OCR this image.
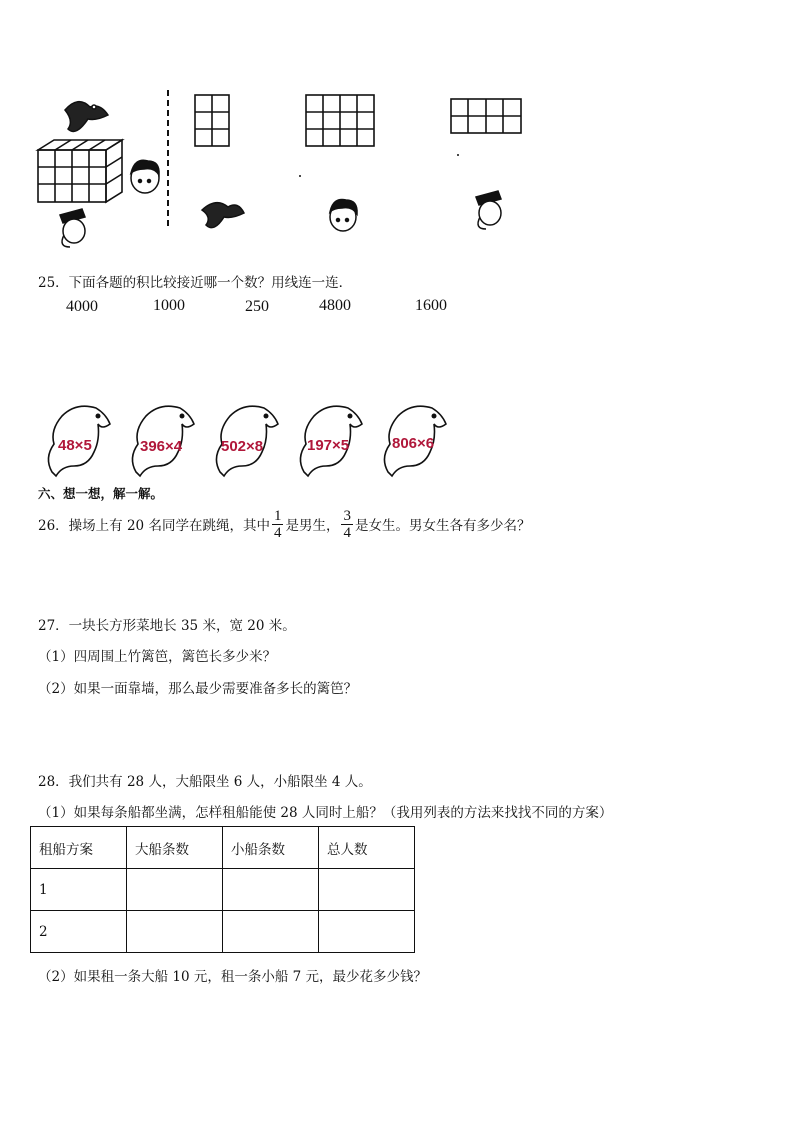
25．下面各题的积比较接近哪一个数？用线连一连．
4000	1000	250	4800	1600
48×5	396×4	502×8	197×5	806×6
六、想一想，解一解。
26．操场上有 20 名同学在跳绳，其中 $\frac{1}{4}$ 是男生， $\frac{3}{4}$ 是女生。男女生各有多少名？
27．一块长方形菜地长 35 米，宽 20 米。
（1）四周围上竹篱笆，篱笆长多少米？
（2）如果一面靠墙，那么最少需要准备多长的篱笆？
28．我们共有 28 人，大船限坐 6 人，小船限坐 4 人。
（1）如果每条船都坐满，怎样租船能使 28 人同时上船？（我用列表的方法来找找不同的方案）
租船方案	大船条数	小船条数	总人数
1			
2			
（2）如果租一条大船 10 元，租一条小船 7 元，最少花多少钱？
